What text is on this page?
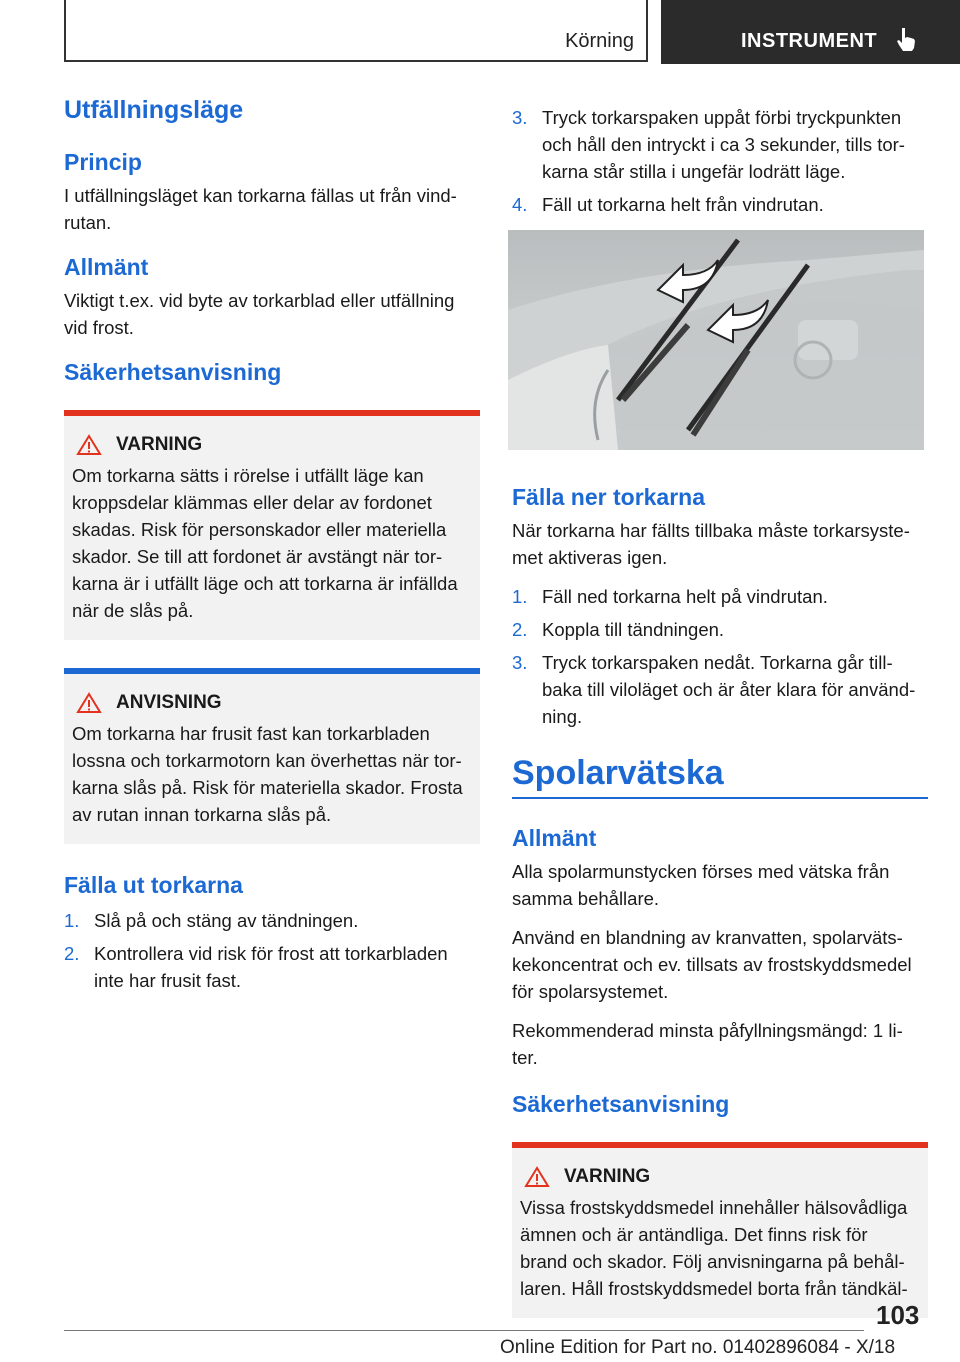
Körning	INSTRUMENT
Utfällningsläge
Princip

I utfällningsläget kan torkarna fällas ut från vind-rutan.

Allmänt

Viktigt t.ex. vid byte av torkarblad eller utfällning vid frost.

Säkerhetsanvisning
VARNING

Om torkarna sätts i rörelse i utfällt läge kan kroppsdelar klämmas eller delar av fordonet skadas. Risk för personskador eller materiella skador. Se till att fordonet är avstängt när tor-karna är i utfällt läge och att torkarna är infällda när de slås på.

ANVISNING

Om torkarna har frusit fast kan torkarbladen lossna och torkarmotorn kan överhettas när tor-karna slås på. Risk för materiella skador. Frosta av rutan innan torkarna slås på.

Fälla ut torkarna
1. Slå på och stäng av tändningen.
2. Kontrollera vid risk för frost att torkarbladen inte har frusit fast.
3. Tryck torkarspaken uppåt förbi tryckpunkten och håll den intryckt i ca 3 sekunder, tills tor-karna står stilla i ungefär lodrätt läge.
4. Fäll ut torkarna helt från vindrutan.
Fälla ner torkarna

När torkarna har fällts tillbaka måste torkarsyste-met aktiveras igen.

1. Fäll ned torkarna helt på vindrutan.
2. Koppla till tändningen.
3. Tryck torkarspaken nedåt. Torkarna går till-baka till viloläget och är åter klara för använd-ning.
Spolarvätska
Allmänt

Alla spolarmunstycken förses med vätska från samma behållare.

Använd en blandning av kranvatten, spolarväts-kekoncentrat och ev. tillsats av frostskyddsmedel för spolarsystemet.

Rekommenderad minsta påfyllningsmängd: 1 li-ter.

Säkerhetsanvisning
VARNING

Vissa frostskyddsmedel innehåller hälsovådliga ämnen och är antändliga. Det finns risk för brand och skador. Följ anvisningarna på behål-laren. Håll frostskyddsmedel borta från tändkäl-

103
Online Edition for Part no. 01402896084 - X/18
